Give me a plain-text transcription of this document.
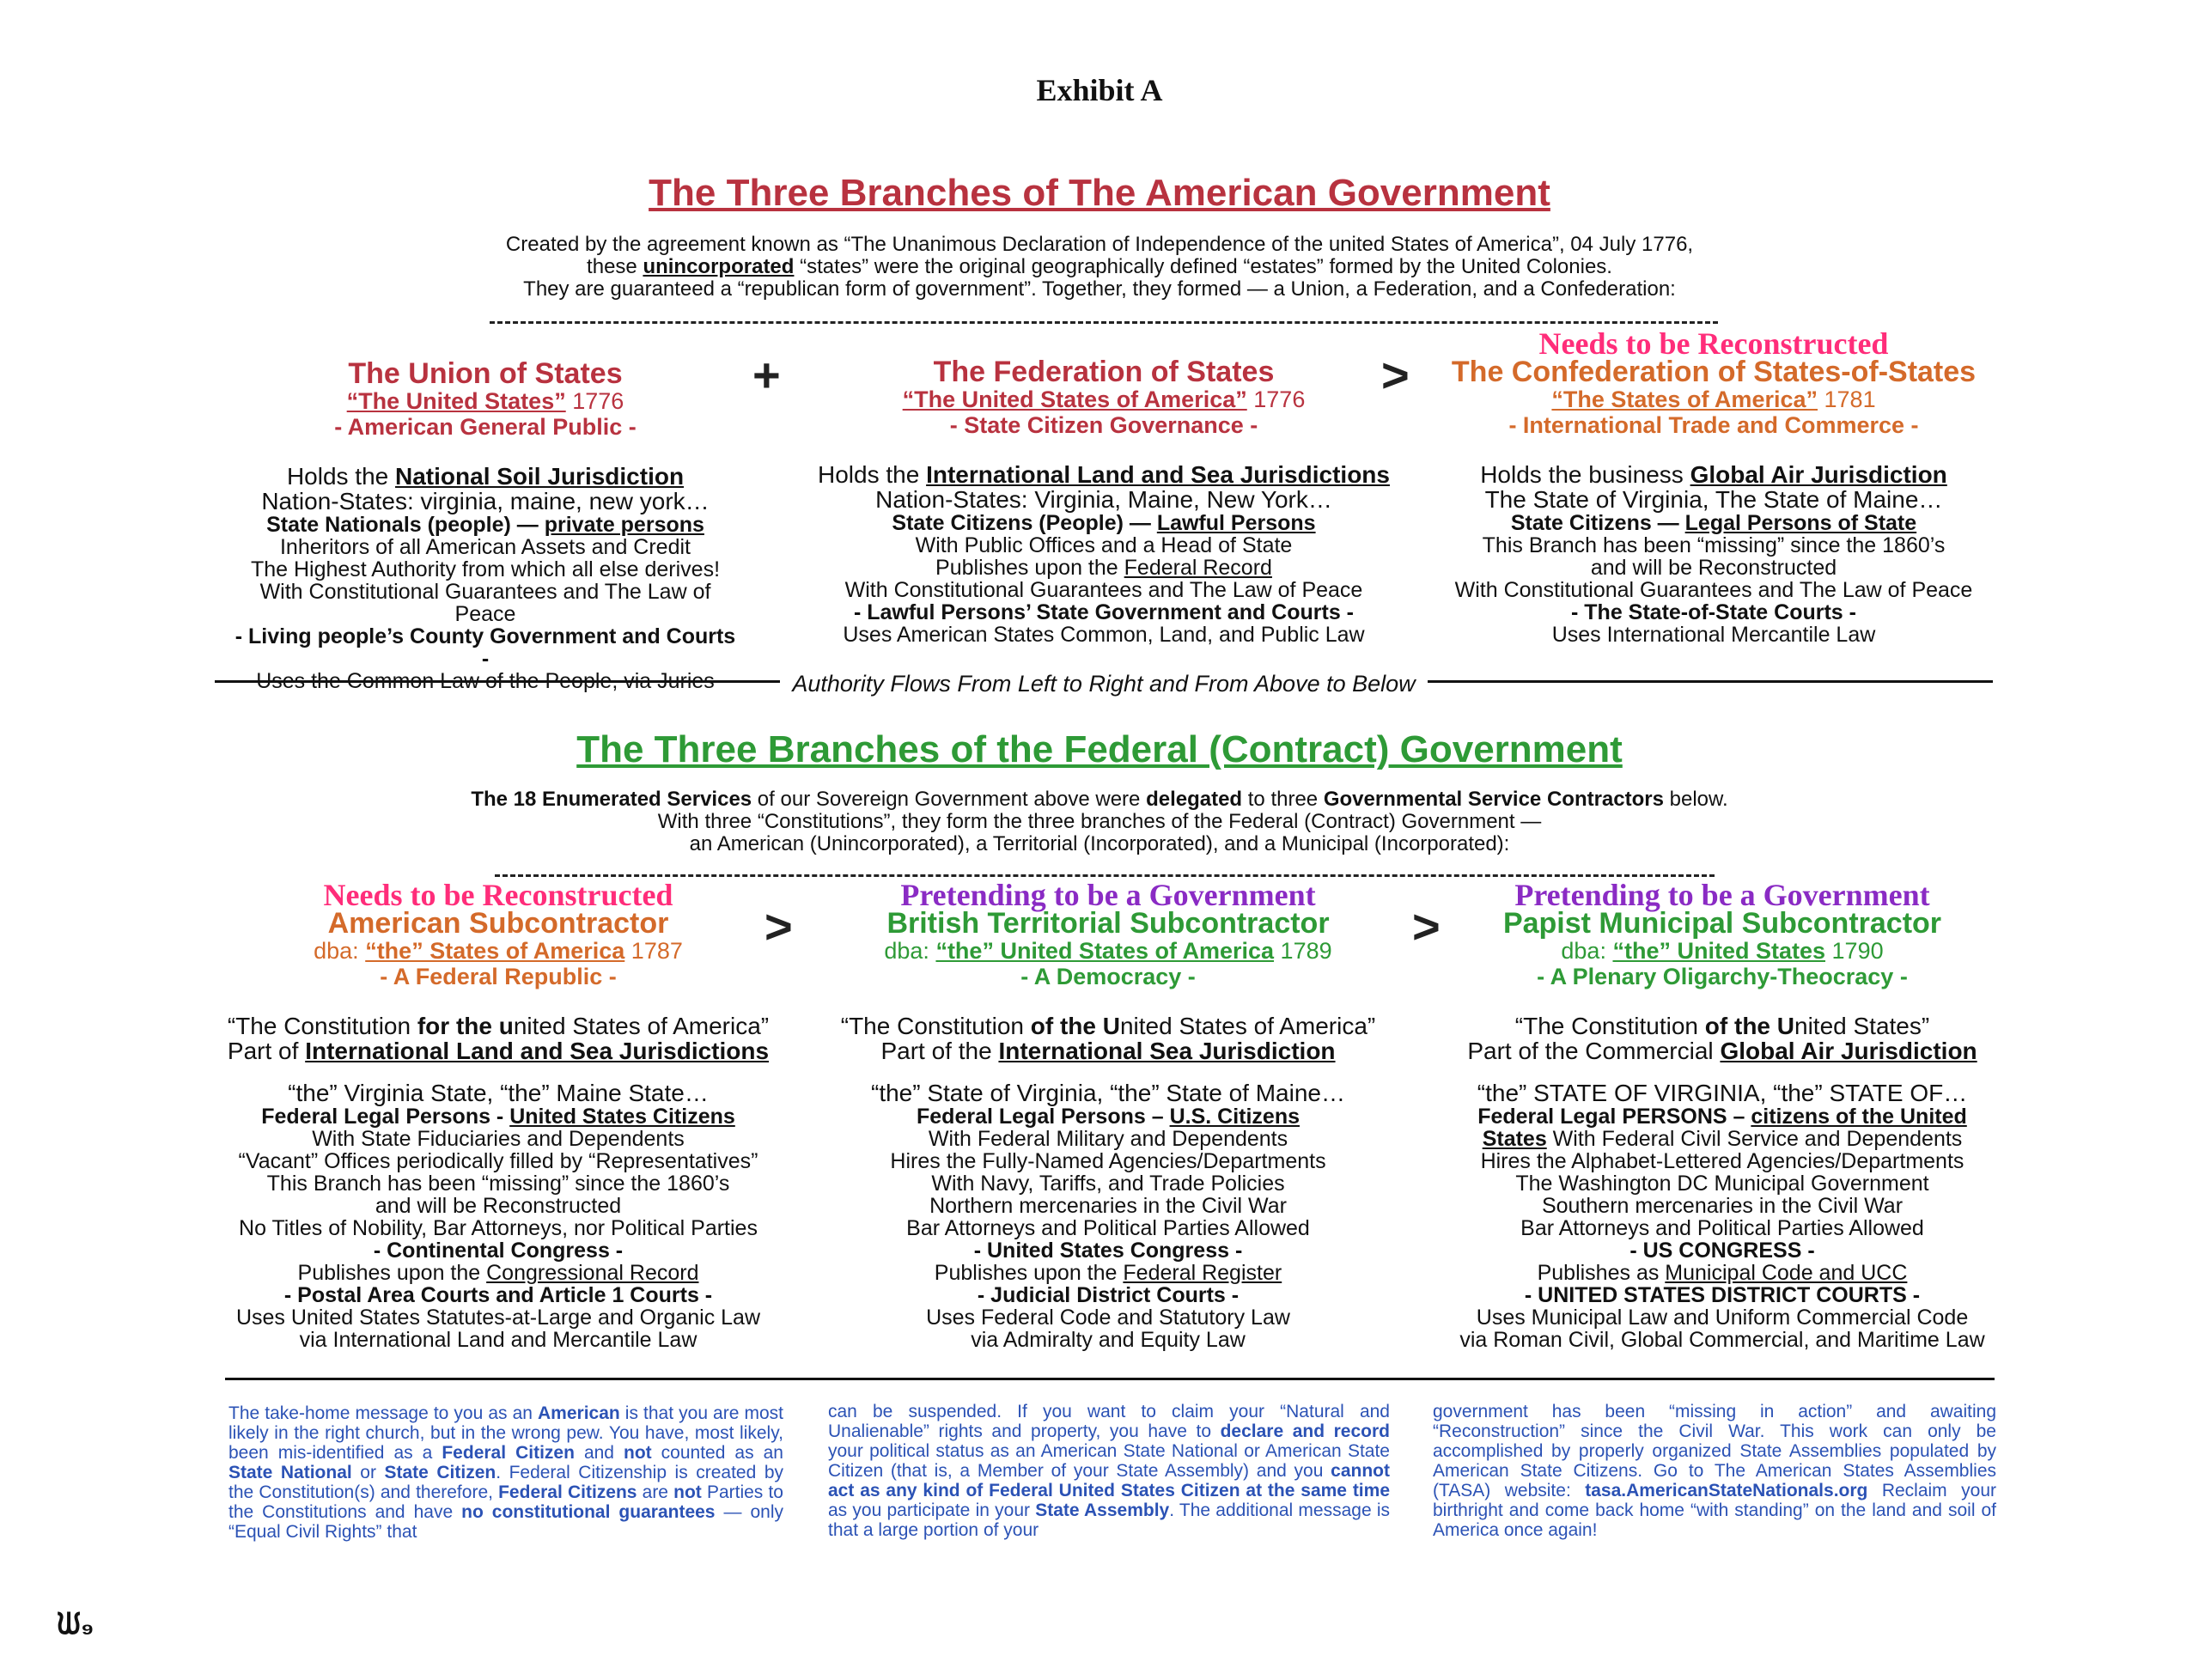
Exhibit A
The Three Branches of The American Government
Created by the agreement known as “The Unanimous Declaration of Independence of the united States of America”, 04 July 1776,
these unincorporated “states” were the original geographically defined “estates” formed by the United Colonies.
They are guaranteed a “republican form of government”. Together, they formed — a Union, a Federation, and a Confederation:
+	>
The Union of States
“The United States” 1776
- American General Public -
Holds the National Soil Jurisdiction
Nation-States: virginia, maine, new york…
State Nationals (people) — private persons
Inheritors of all American Assets and Credit
The Highest Authority from which all else derives!
With Constitutional Guarantees and The Law of Peace
- Living people’s County Government and Courts -
Uses the Common Law of the People, via Juries
The Federation of States
“The United States of America” 1776
- State Citizen Governance -
Holds the International Land and Sea Jurisdictions
Nation-States: Virginia, Maine, New York…
State Citizens (People) — Lawful Persons
With Public Offices and a Head of State
Publishes upon the Federal Record
With Constitutional Guarantees and The Law of Peace
- Lawful Persons’ State Government and Courts -
Uses American States Common, Land, and Public Law
Needs to be Reconstructed
The Confederation of States-of-States
“The States of America” 1781
- International Trade and Commerce -
Holds the business Global Air Jurisdiction
The State of Virginia, The State of Maine…
State Citizens — Legal Persons of State
This Branch has been “missing” since the 1860’s
and will be Reconstructed
With Constitutional Guarantees and The Law of Peace
- The State-of-State Courts -
Uses International Mercantile Law
Authority Flows From Left to Right and From Above to Below
The Three Branches of the Federal (Contract) Government
The 18 Enumerated Services of our Sovereign Government above were delegated to three Governmental Service Contractors below.
With three “Constitutions”, they form the three branches of the Federal (Contract) Government —
an American (Unincorporated), a Territorial (Incorporated), and a Municipal (Incorporated):
>	>
Needs to be Reconstructed
American Subcontractor
dba: “the” States of America 1787
- A Federal Republic -
“The Constitution for the united States of America”
Part of International Land and Sea Jurisdictions
“the” Virginia State, “the” Maine State…
Federal Legal Persons - United States Citizens
With State Fiduciaries and Dependents
“Vacant” Offices periodically filled by “Representatives”
This Branch has been “missing” since the 1860’s
and will be Reconstructed
No Titles of Nobility, Bar Attorneys, nor Political Parties
- Continental Congress -
Publishes upon the Congressional Record
- Postal Area Courts and Article 1 Courts -
Uses United States Statutes-at-Large and Organic Law
via International Land and Mercantile Law
Pretending to be a Government
British Territorial Subcontractor
dba: “the” United States of America 1789
- A Democracy -
“The Constitution of the United States of America”
Part of the International Sea Jurisdiction
“the” State of Virginia, “the” State of Maine…
Federal Legal Persons – U.S. Citizens
With Federal Military and Dependents
Hires the Fully-Named Agencies/Departments
With Navy, Tariffs, and Trade Policies
Northern mercenaries in the Civil War
Bar Attorneys and Political Parties Allowed
- United States Congress -
Publishes upon the Federal Register
- Judicial District Courts -
Uses Federal Code and Statutory Law
via Admiralty and Equity Law
Pretending to be a Government
Papist Municipal Subcontractor
dba: “the” United States 1790
- A Plenary Oligarchy-Theocracy -
“The Constitution of the United States”
Part of the Commercial Global Air Jurisdiction
“the” STATE OF VIRGINIA, “the” STATE OF…
Federal Legal PERSONS – citizens of the United
States With Federal Civil Service and Dependents
Hires the Alphabet-Lettered Agencies/Departments
The Washington DC Municipal Government
Southern mercenaries in the Civil War
Bar Attorneys and Political Parties Allowed
- US CONGRESS -
Publishes as Municipal Code and UCC
- UNITED STATES DISTRICT COURTS -
Uses Municipal Law and Uniform Commercial Code
via Roman Civil, Global Commercial, and Maritime Law
The take-home message to you as an American is that you are most likely in the right church, but in the wrong pew. You have, most likely, been mis-identified as a Federal Citizen and not counted as an State National or State Citizen. Federal Citizenship is created by the Constitution(s) and therefore, Federal Citizens are not Parties to the Constitutions and have no constitutional guarantees — only “Equal Civil Rights” that
can be suspended. If you want to claim your “Natural and Unalienable” rights and property, you have to declare and record your political status as an American State National or American State Citizen (that is, a Member of your State Assembly) and you cannot act as any kind of Federal United States Citizen at the same time as you participate in your State Assembly. The additional message is that a large portion of your
government has been “missing in action” and awaiting “Reconstruction” since the Civil War. This work can only be accomplished by properly organized State Assemblies populated by American State Citizens. Go to The American States Assemblies (TASA) website: tasa.AmericanStateNationals.org Reclaim your birthright and come back home “with standing” on the land and soil of America once again!
ᙎ₉
